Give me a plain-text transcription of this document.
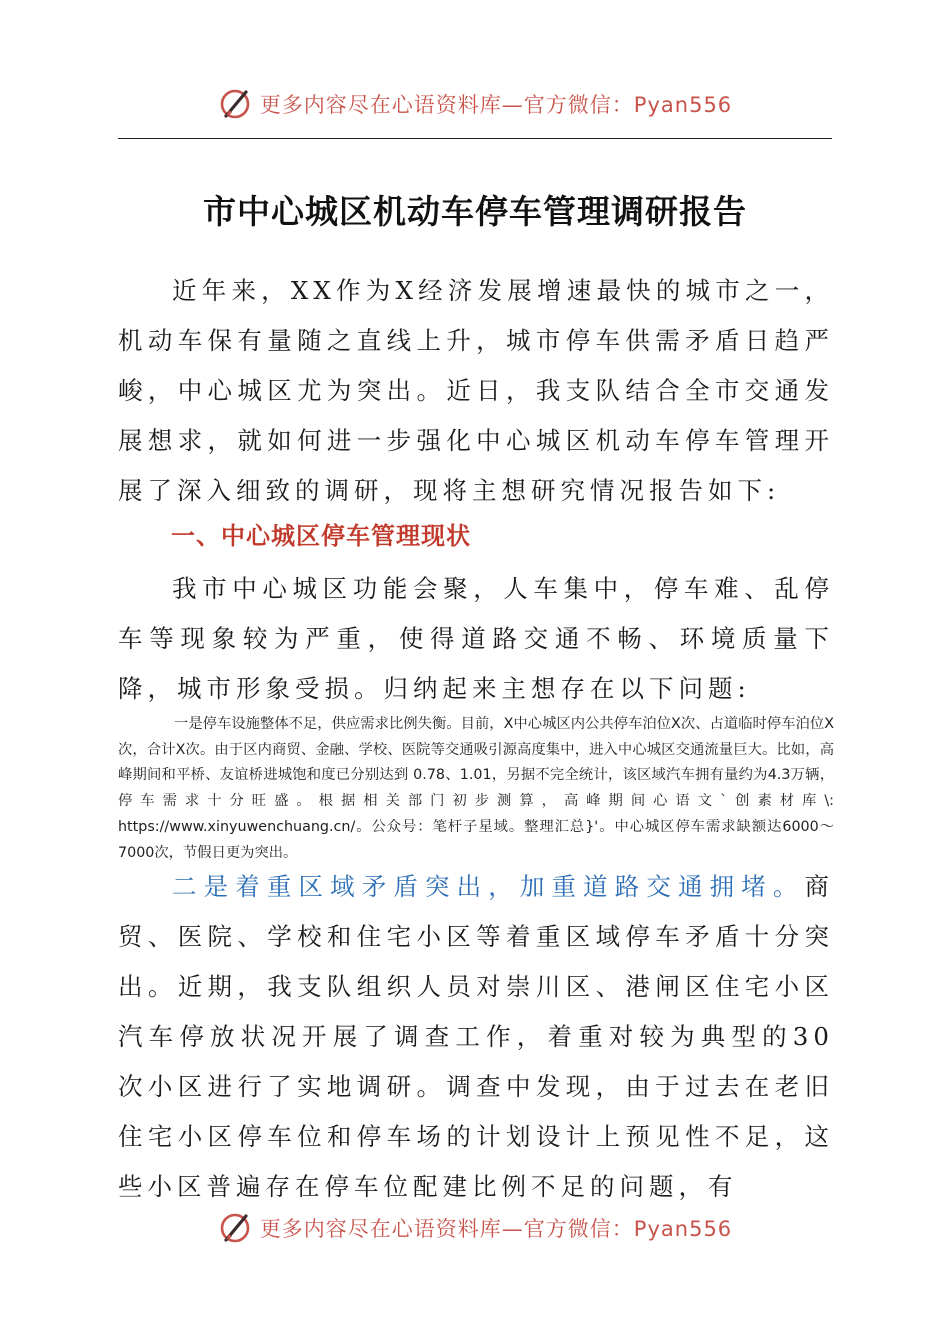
更多内容尽在心语资料库—官方微信：Pyan556
市中心城区机动车停车管理调研报告

近年来，XX作为X经济发展增速最快的城市之一，机动车保有量随之直线上升，城市停车供需矛盾日趋严峻，中心城区尤为突出。近日，我支队结合全市交通发展想求，就如何进一步强化中心城区机动车停车管理开展了深入细致的调研，现将主想研究情况报告如下:

一、中心城区停车管理现状

我市中心城区功能会聚，人车集中，停车难、乱停车等现象较为严重，使得道路交通不畅、环境质量下降，城市形象受损。归纳起来主想存在以下问题:

一是停车设施整体不足，供应需求比例失衡。目前，X中心城区内公共停车泊位X次、占道临时停车泊位X次，合计X次。由于区内商贸、金融、学校、医院等交通吸引源高度集中，进入中心城区交通流量巨大。比如，高峰期间和平桥、友谊桥进城饱和度已分别达到 0.78、1.01，另据不完全统计，该区域汽车拥有量约为4.3万辆，停车需求十分旺盛。根据相关部门初步测算，高峰期间心语文`创素材库\: https://www.xinyuwenchuang.cn/。公众号：笔杆子星域。整理汇总}'。中心城区停车需求缺额达6000～7000次，节假日更为突出。

二是着重区域矛盾突出，加重道路交通拥堵。商贸、医院、学校和住宅小区等着重区域停车矛盾十分突出。近期，我支队组织人员对崇川区、港闸区住宅小区汽车停放状况开展了调查工作，着重对较为典型的30次小区进行了实地调研。调查中发现，由于过去在老旧住宅小区停车位和停车场的计划设计上预见性不足，这些小区普遍存在停车位配建比例不足的问题，有

更多内容尽在心语资料库—官方微信：Pyan556
